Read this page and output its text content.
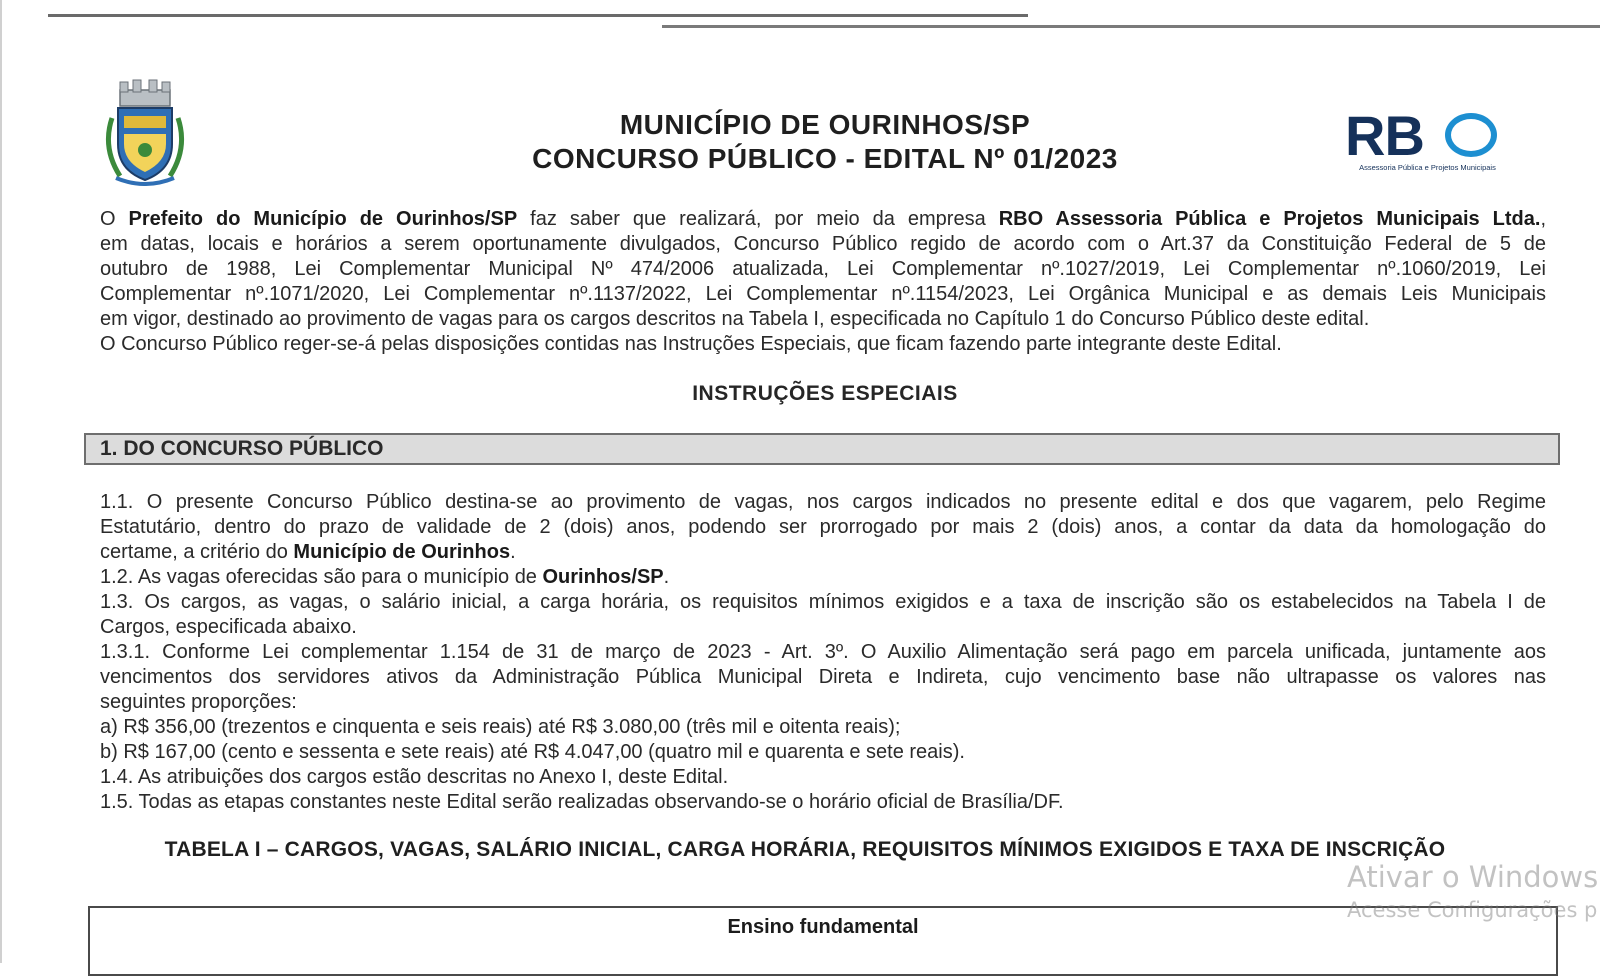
MUNICÍPIO DE OURINHOS/SP
CONCURSO PÚBLICO - EDITAL Nº 01/2023	RB
Assessoria Pública e Projetos Municipais
O Prefeito do Município de Ourinhos/SP faz saber que realizará, por meio da empresa RBO Assessoria Pública e Projetos Municipais Ltda.,
em datas, locais e horários a serem oportunamente divulgados, Concurso Público regido de acordo com o Art.37 da Constituição Federal de 5 de
outubro de 1988, Lei Complementar Municipal Nº 474/2006 atualizada, Lei Complementar nº.1027/2019, Lei Complementar nº.1060/2019, Lei
Complementar nº.1071/2020, Lei Complementar nº.1137/2022, Lei Complementar nº.1154/2023, Lei Orgânica Municipal e as demais Leis Municipais
em vigor, destinado ao provimento de vagas para os cargos descritos na Tabela I, especificada no Capítulo 1 do Concurso Público deste edital.
O Concurso Público reger-se-á pelas disposições contidas nas Instruções Especiais, que ficam fazendo parte integrante deste Edital.
INSTRUÇÕES ESPECIAIS
1. DO CONCURSO PÚBLICO
1.1. O presente Concurso Público destina-se ao provimento de vagas, nos cargos indicados no presente edital e dos que vagarem, pelo Regime
Estatutário, dentro do prazo de validade de 2 (dois) anos, podendo ser prorrogado por mais 2 (dois) anos, a contar da data da homologação do
certame, a critério do Município de Ourinhos.
1.2. As vagas oferecidas são para o município de Ourinhos/SP.
1.3. Os cargos, as vagas, o salário inicial, a carga horária, os requisitos mínimos exigidos e a taxa de inscrição são os estabelecidos na Tabela I de
Cargos, especificada abaixo.
1.3.1. Conforme Lei complementar 1.154 de 31 de março de 2023 - Art. 3º. O Auxilio Alimentação será pago em parcela unificada, juntamente aos
vencimentos dos servidores ativos da Administração Pública Municipal Direta e Indireta, cujo vencimento base não ultrapasse os valores nas
seguintes proporções:
a) R$ 356,00 (trezentos e cinquenta e seis reais) até R$ 3.080,00 (três mil e oitenta reais);
b) R$ 167,00 (cento e sessenta e sete reais) até R$ 4.047,00 (quatro mil e quarenta e sete reais).
1.4. As atribuições dos cargos estão descritas no Anexo I, deste Edital.
1.5. Todas as etapas constantes neste Edital serão realizadas observando-se o horário oficial de Brasília/DF.
TABELA I – CARGOS, VAGAS, SALÁRIO INICIAL, CARGA HORÁRIA, REQUISITOS MÍNIMOS EXIGIDOS E TAXA DE INSCRIÇÃO
Ensino fundamental
Ativar o Windows
Acesse Configurações p
